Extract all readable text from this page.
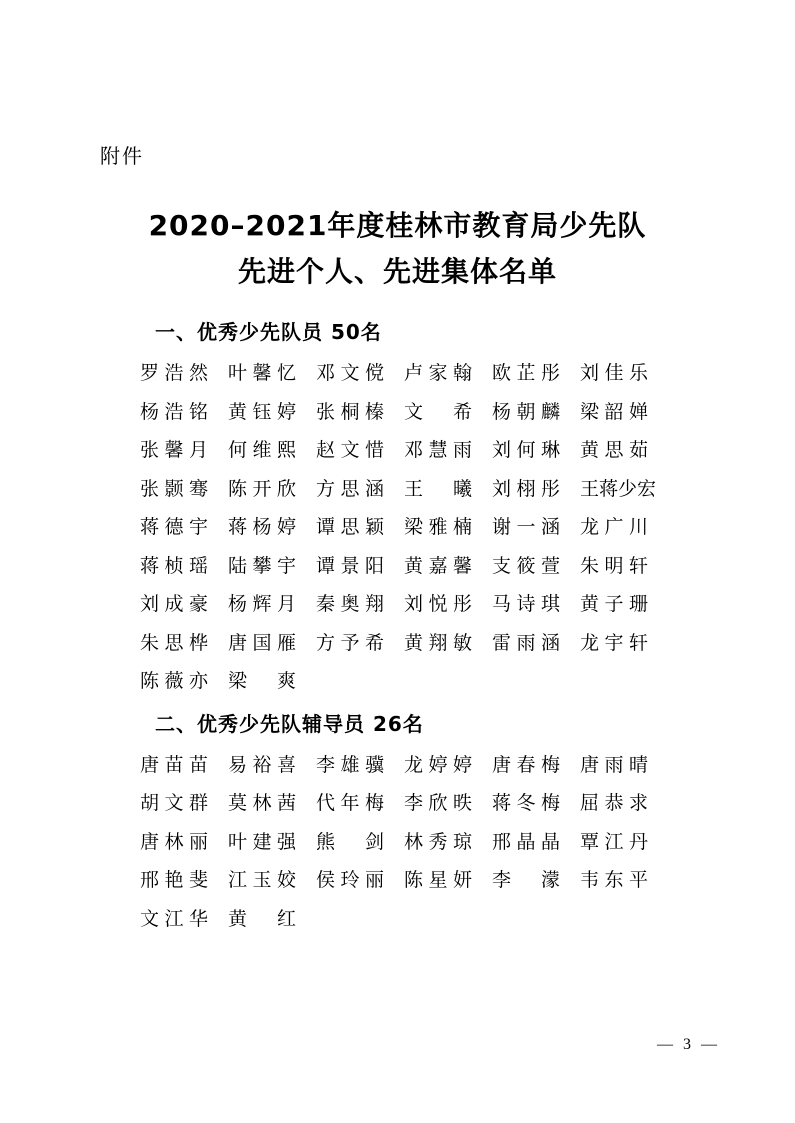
附件
2020–2021年度桂林市教育局少先队
先进个人、先进集体名单
一、优秀少先队员 50名
罗浩然 叶馨忆 邓文傥 卢家翰 欧芷彤 刘佳乐
杨浩铭 黄钰婷 张桐榛 文希 杨朝麟 梁韶婵
张馨月 何维熙 赵文惜 邓慧雨 刘何琳 黄思茹
张颢骞 陈开欣 方思涵 王曦 刘栩彤 王蒋少宏
蒋德宇 蒋杨婷 谭思颖 梁雅楠 谢一涵 龙广川
蒋桢瑶 陆攀宇 谭景阳 黄嘉馨 支筱萱 朱明轩
刘成豪 杨辉月 秦奥翔 刘悦彤 马诗琪 黄子珊
朱思桦 唐国雁 方予希 黄翔敏 雷雨涵 龙宇轩
陈薇亦 梁爽
二、优秀少先队辅导员 26名
唐苗苗 易裕喜 李雄骥 龙婷婷 唐春梅 唐雨晴
胡文群 莫林茜 代年梅 李欣昳 蒋冬梅 屈恭求
唐林丽 叶建强 熊剑 林秀琼 邢晶晶 覃江丹
邢艳斐 江玉姣 侯玲丽 陈星妍 李濛 韦东平
文江华 黄红
— 3 —
